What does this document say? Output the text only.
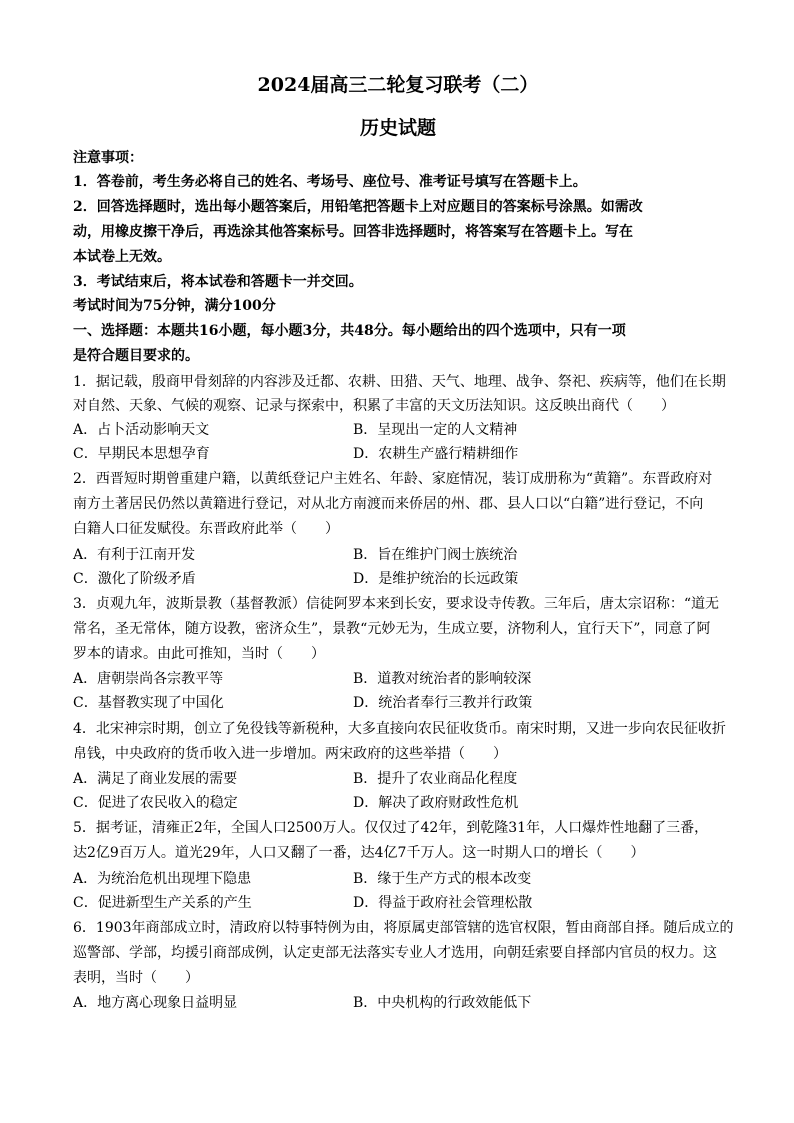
2024届高三二轮复习联考（二）
历史试题
注意事项：
1．答卷前，考生务必将自己的姓名、考场号、座位号、准考证号填写在答题卡上。
2．回答选择题时，选出每小题答案后，用铅笔把答题卡上对应题目的答案标号涂黑。如需改
动，用橡皮擦干净后，再选涂其他答案标号。回答非选择题时，将答案写在答题卡上。写在
本试卷上无效。
3．考试结束后，将本试卷和答题卡一并交回。
考试时间为75分钟，满分100分
一、选择题：本题共16小题，每小题3分，共48分。每小题给出的四个选项中，只有一项
是符合题目要求的。
1．据记载，殷商甲骨刻辞的内容涉及迁都、农耕、田猎、天气、地理、战争、祭祀、疾病等，他们在长期
对自然、天象、气候的观察、记录与探索中，积累了丰富的天文历法知识。这反映出商代（　　）
A．占卜活动影响天文	B．呈现出一定的人文精神
C．早期民本思想孕育	D．农耕生产盛行精耕细作
2．西晋短时期曾重建户籍，以黄纸登记户主姓名、年龄、家庭情况，装订成册称为“黄籍”。东晋政府对
南方土著居民仍然以黄籍进行登记，对从北方南渡而来侨居的州、郡、县人口以“白籍”进行登记，不向
白籍人口征发赋役。东晋政府此举（　　）
A．有利于江南开发	B．旨在维护门阀士族统治
C．激化了阶级矛盾	D．是维护统治的长远政策
3．贞观九年，波斯景教（基督教派）信徒阿罗本来到长安，要求设寺传教。三年后，唐太宗诏称：“道无
常名，圣无常体，随方设教，密济众生”，景教“元妙无为，生成立要，济物利人，宜行天下”，同意了阿
罗本的请求。由此可推知，当时（　　）
A．唐朝崇尚各宗教平等	B．道教对统治者的影响较深
C．基督教实现了中国化	D．统治者奉行三教并行政策
4．北宋神宗时期，创立了免役钱等新税种，大多直接向农民征收货币。南宋时期，又进一步向农民征收折
帛钱，中央政府的货币收入进一步增加。两宋政府的这些举措（　　）
A．满足了商业发展的需要	B．提升了农业商品化程度
C．促进了农民收入的稳定	D．解决了政府财政性危机
5．据考证，清雍正2年，全国人口2500万人。仅仅过了42年，到乾隆31年，人口爆炸性地翻了三番，
达2亿9百万人。道光29年，人口又翻了一番，达4亿7千万人。这一时期人口的增长（　　）
A．为统治危机出现埋下隐患	B．缘于生产方式的根本改变
C．促进新型生产关系的产生	D．得益于政府社会管理松散
6．1903年商部成立时，清政府以特事特例为由，将原属吏部管辖的选官权限，暂由商部自择。随后成立的
巡警部、学部，均援引商部成例，认定吏部无法落实专业人才选用，向朝廷索要自择部内官员的权力。这
表明，当时（　　）
A．地方离心现象日益明显	B．中央机构的行政效能低下
